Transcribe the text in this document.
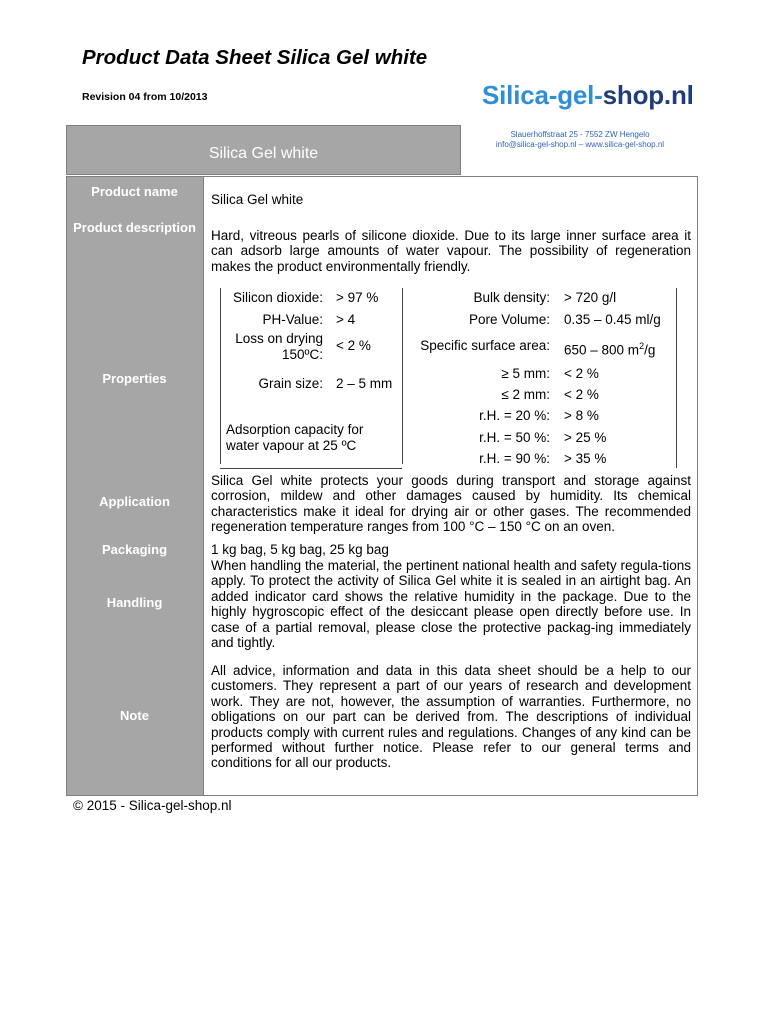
Product Data Sheet Silica Gel white
Revision 04 from 10/2013	Silica-gel-shop.nl
Slauerhoffstraat 25 - 7552 ZW Hengelo
info@silica-gel-shop.nl – www.silica-gel-shop.nl
Silica Gel white
Product name
Product description
Properties
Application
Packaging
Handling
Note
Silica Gel white
Hard, vitreous pearls of silicone dioxide. Due to its large inner surface area it can adsorb large amounts of water vapour. The possibility of regeneration makes the product environmentally friendly.
Silicon dioxide: > 97 %
PH-Value: > 4
Loss on drying
150ºC:
< 2 %
Grain size: 2 – 5 mm
Adsorption capacity for
water vapour at 25 ºC
Bulk density: > 720 g/l
Pore Volume: 0.35 – 0.45 ml/g
Specific surface area: 650 – 800 $m^2/g$
≥ 5 mm: < 2 %
≤ 2 mm: < 2 %
r.H. = 20 %: > 8 %
r.H. = 50 %: > 25 %
r.H. = 90 %: > 35 %
Silica Gel white protects your goods during transport and storage against corrosion, mildew and other damages caused by humidity. Its chemical characteristics make it ideal for drying air or other gases. The recommended regeneration temperature ranges from 100 °C – 150 °C on an oven.
1 kg bag, 5 kg bag, 25 kg bag
When handling the material, the pertinent national health and safety regula-tions apply. To protect the activity of Silica Gel white it is sealed in an airtight bag. An added indicator card shows the relative humidity in the package. Due to the highly hygroscopic effect of the desiccant please open directly before use. In case of a partial removal, please close the protective packag-ing immediately and tightly.
All advice, information and data in this data sheet should be a help to our customers. They represent a part of our years of research and development work. They are not, however, the assumption of warranties. Furthermore, no obligations on our part can be derived from. The descriptions of individual products comply with current rules and regulations. Changes of any kind can be performed without further notice. Please refer to our general terms and conditions for all our products.
© 2015 - Silica-gel-shop.nl
